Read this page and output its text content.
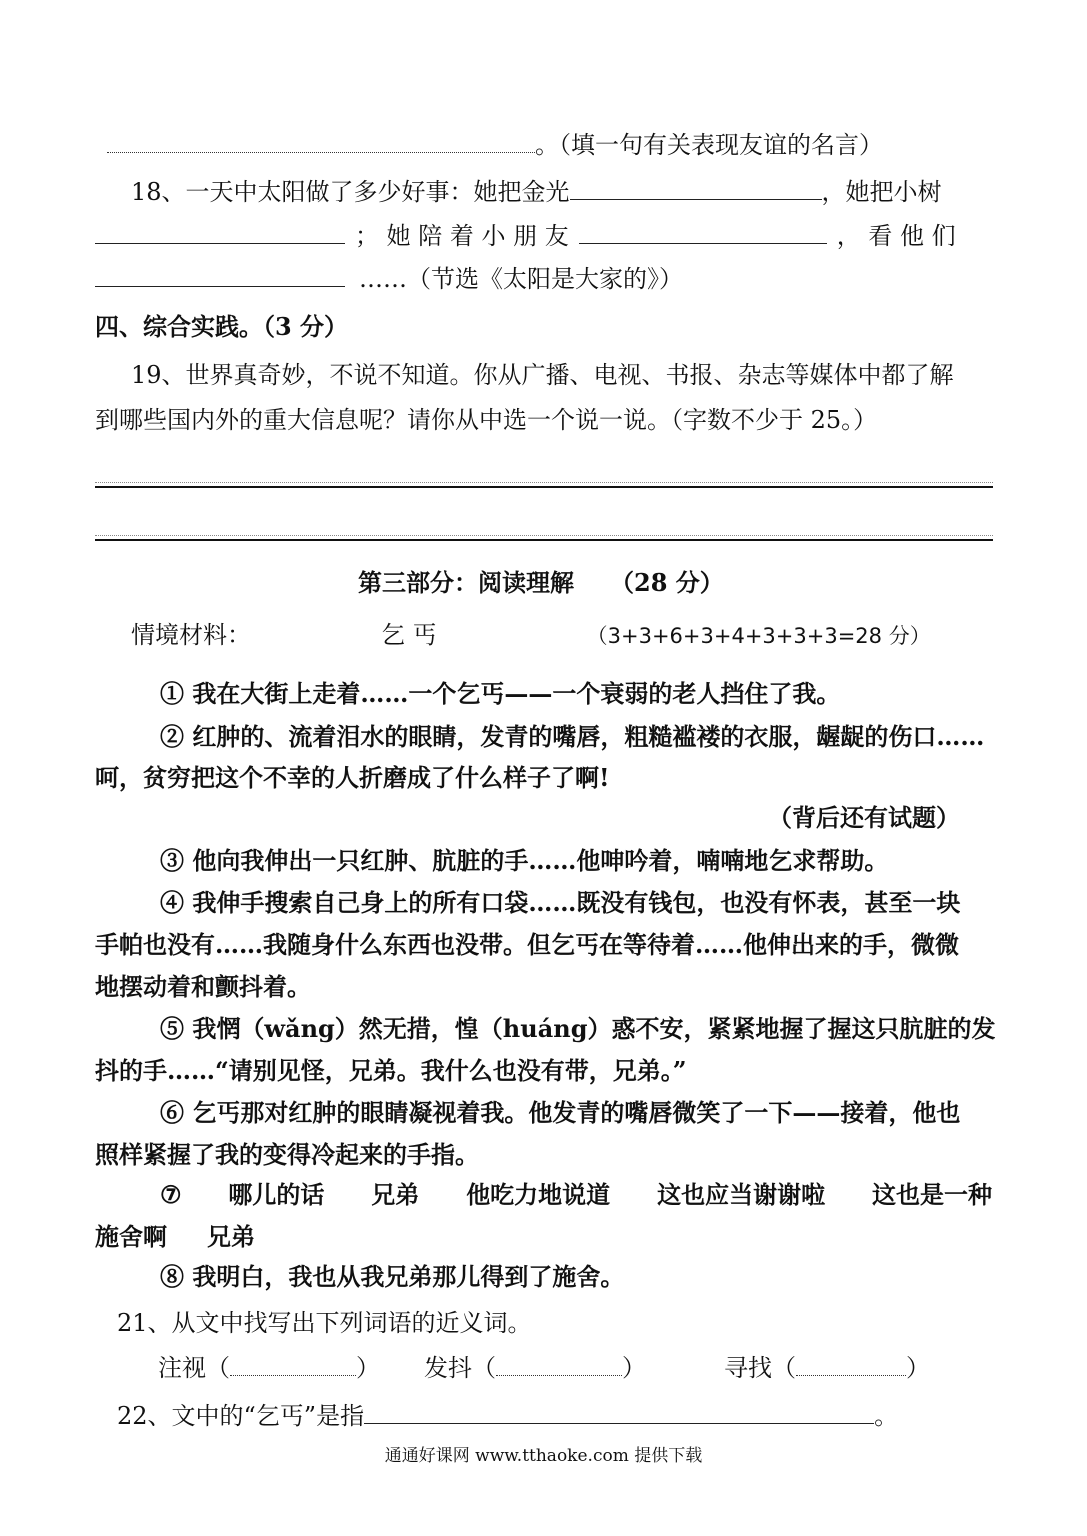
。（填一句有关表现友谊的名言）
18、一天中太阳做了多少好事：她把金光	，她把小树
； 她 陪 着 小 朋 友	， 看 他 们
……（节选《太阳是大家的》）
四、综合实践。（3 分）
19、世界真奇妙，不说不知道。你从广播、电视、书报、杂志等媒体中都了解
到哪些国内外的重大信息呢？请你从中选一个说一说。（字数不少于 25。）
第三部分：阅读理解 （28 分）
情境材料：	乞 丐	（3+3+6+3+4+3+3+3=28 分）
① 我在大街上走着……一个乞丐——一个衰弱的老人挡住了我。
② 红肿的、流着泪水的眼睛，发青的嘴唇，粗糙褴褛的衣服，龌龊的伤口……
呵，贫穷把这个不幸的人折磨成了什么样子了啊!
（背后还有试题）
③ 他向我伸出一只红肿、肮脏的手……他呻吟着，喃喃地乞求帮助。
④ 我伸手搜索自己身上的所有口袋……既没有钱包，也没有怀表，甚至一块
手帕也没有……我随身什么东西也没带。但乞丐在等待着……他伸出来的手，微微
地摆动着和颤抖着。
⑤ 我惘（wǎng）然无措，惶（huáng）惑不安，紧紧地握了握这只肮脏的发
抖的手……“请别见怪，兄弟。我什么也没有带，兄弟。”
⑥ 乞丐那对红肿的眼睛凝视着我。他发青的嘴唇微笑了一下——接着，他也
照样紧握了我的变得冷起来的手指。
⑦ 哪儿的话 兄弟 他吃力地说道 这也应当谢谢啦 这也是一种
施舍啊 兄弟
⑧ 我明白，我也从我兄弟那儿得到了施舍。
21、从文中找写出下列词语的近义词。
注视（	） 发抖（	）	寻找（	）
22、文中的“乞丐”是指	。
通通好课网 www.tthaoke.com 提供下载
